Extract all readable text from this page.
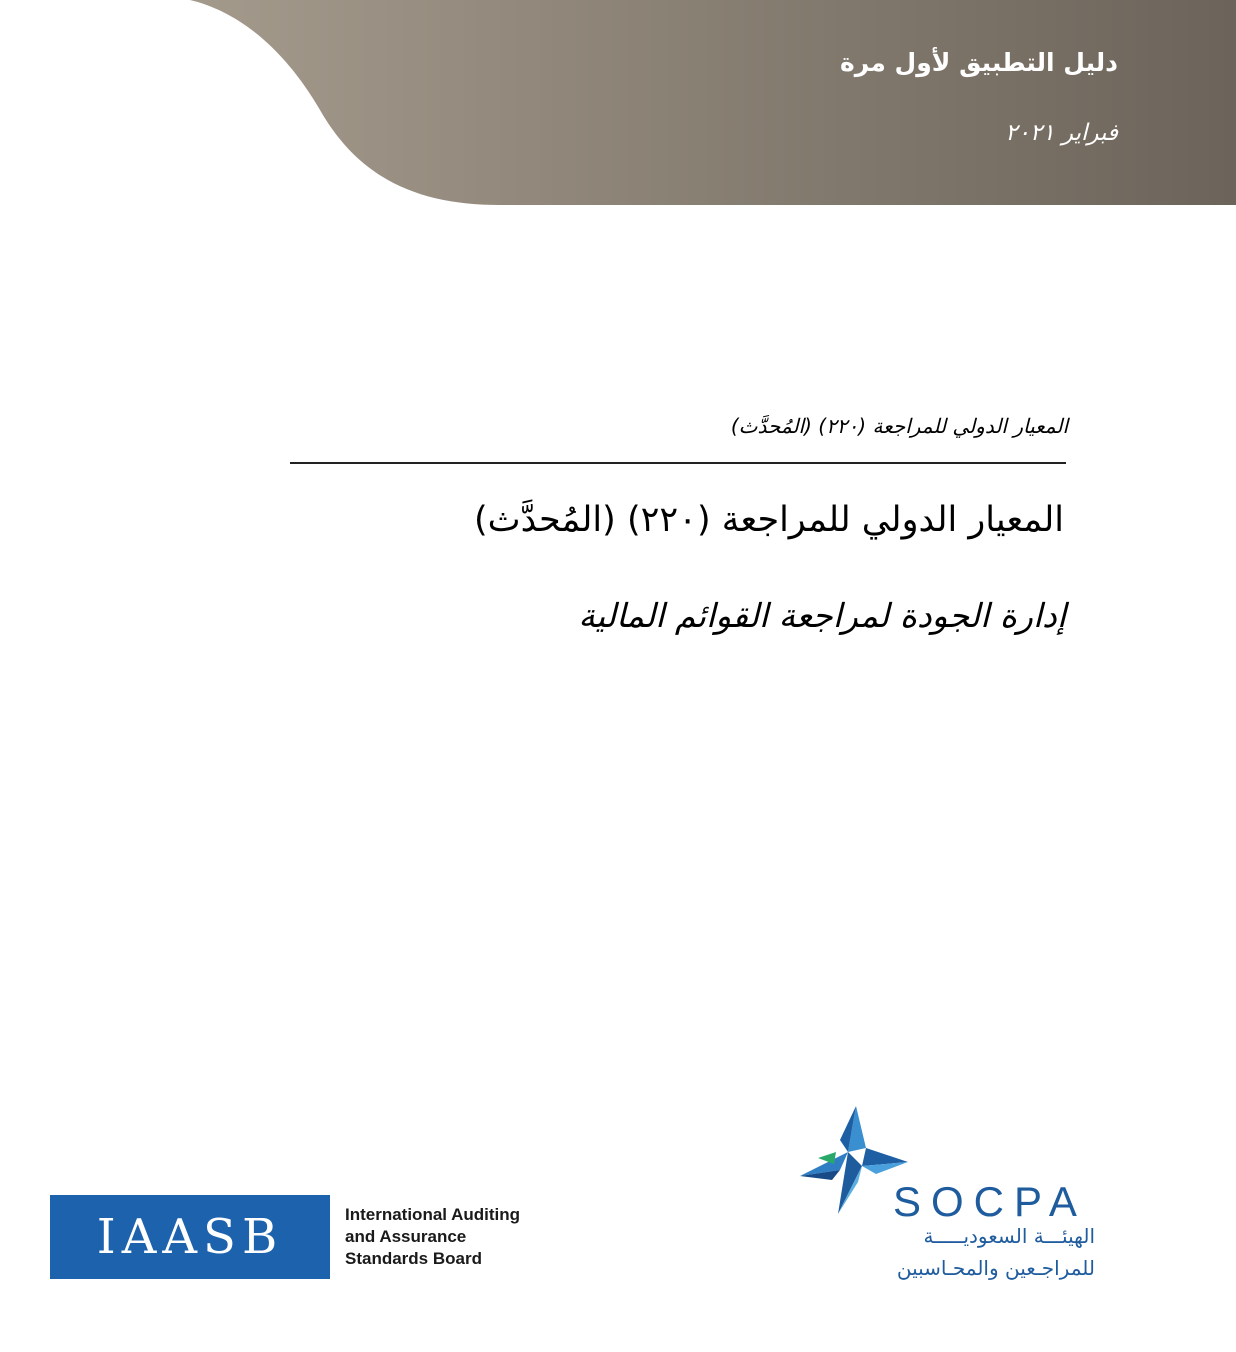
دليل التطبيق لأول مرة
فبراير ٢٠٢١
المعيار الدولي للمراجعة (٢٢٠) (المُحدَّث)
المعيار الدولي للمراجعة (٢٢٠) (المُحدَّث)
إدارة الجودة لمراجعة القوائم المالية
IAASB	International Auditing
and Assurance
Standards Board
SOCPA
الهيئـــة السعوديـــــة
للمراجـعين والمحـاسبين
